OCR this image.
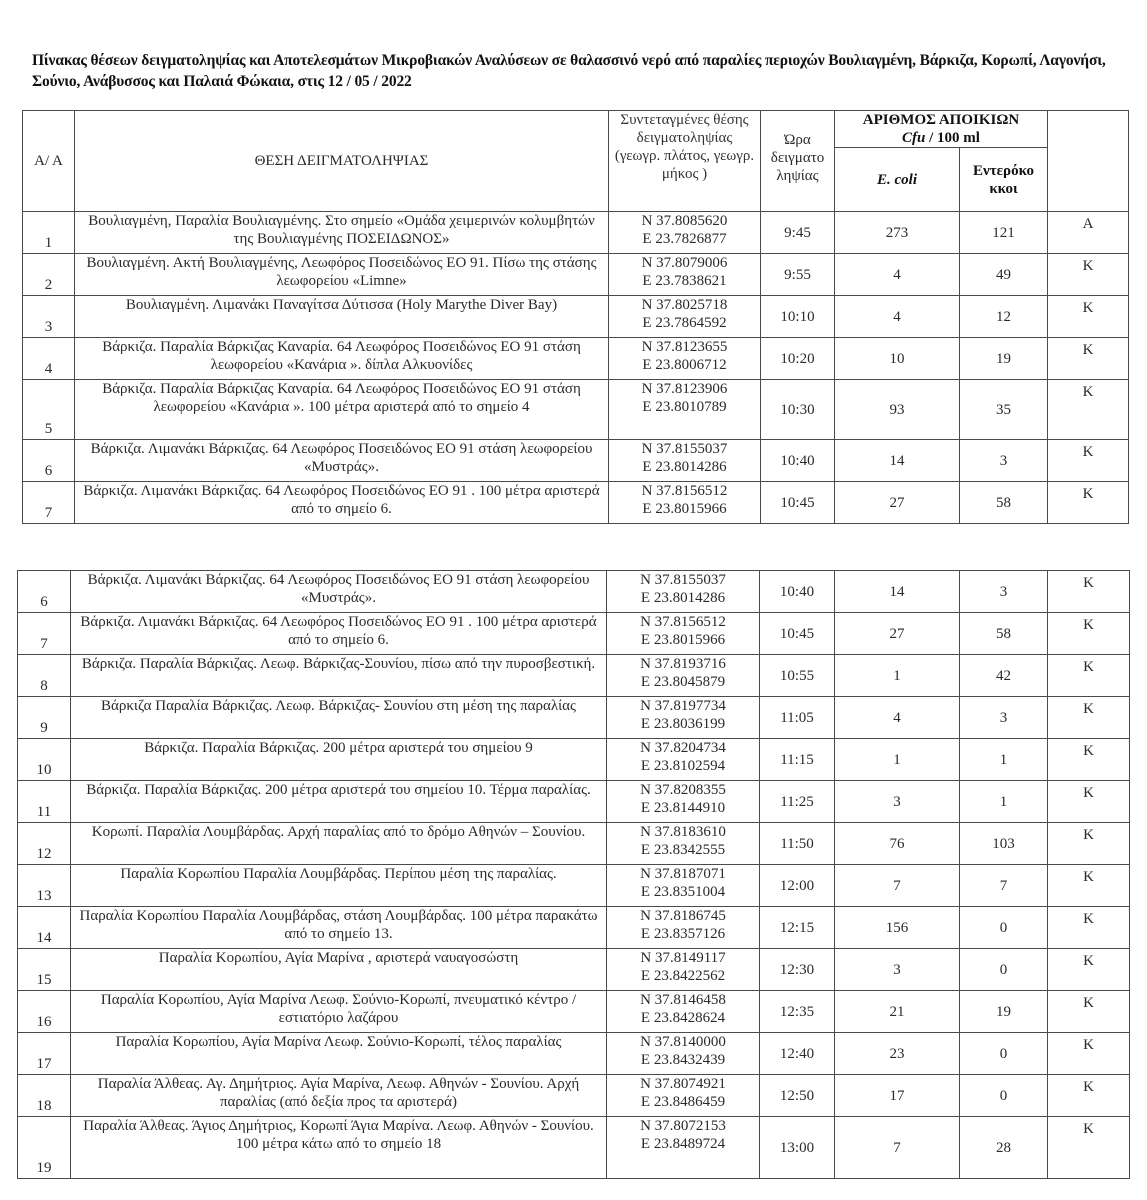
Πίνακας θέσεων δειγματοληψίας και Αποτελεσμάτων Μικροβιακών Αναλύσεων σε θαλασσινό νερό από παραλίες περιοχών Βουλιαγμένη, Βάρκιζα, Κορωπί, Λαγονήσι, Σούνιο, Ανάβυσσος και Παλαιά Φώκαια, στις 12 / 05 / 2022
Α/ Α	ΘΕΣΗ ΔΕΙΓΜΑΤΟΛΗΨΙΑΣ	Συντεταγμένες θέσης δειγματοληψίας (γεωγρ. πλάτος, γεωγρ. μήκος )	Ώρα δειγματο ληψίας	ΑΡΙΘΜΟΣ ΑΠΟΙΚΙΩΝ
Cfu / 100 ml		

				E. coli	Εντερόκο κκοι	
1	Βουλιαγμένη, Παραλία Βουλιαγμένης. Στο σημείο «Ομάδα χειμερινών κολυμβητών της Βουλιαγμένης ΠΟΣΕΙΔΩΝΟΣ»	N 37.8085620
E 23.7826877	9:45	273	121	A
2	Βουλιαγμένη. Ακτή Βουλιαγμένης, Λεωφόρος Ποσειδώνος ΕΟ 91. Πίσω της στάσης λεωφορείου «Limne»	N 37.8079006
E 23.7838621	9:55	4	49	K
3	Βουλιαγμένη. Λιμανάκι Παναγίτσα Δύτισσα (Holy Marythe Diver Bay)	N 37.8025718
E 23.7864592	10:10	4	12	K
4	Βάρκιζα. Παραλία Βάρκιζας Καναρία. 64 Λεωφόρος Ποσειδώνος ΕΟ 91 στάση λεωφορείου «Κανάρια ». δίπλα Αλκυονίδες	N 37.8123655
E 23.8006712	10:20	10	19	K
5	Βάρκιζα. Παραλία Βάρκιζας Καναρία. 64 Λεωφόρος Ποσειδώνος ΕΟ 91 στάση λεωφορείου «Κανάρια ». 100 μέτρα αριστερά από το σημείο 4	N 37.8123906
E 23.8010789	10:30	93	35	K
6	Βάρκιζα. Λιμανάκι Βάρκιζας. 64 Λεωφόρος Ποσειδώνος ΕΟ 91 στάση λεωφορείου «Μυστράς».	N 37.8155037
E 23.8014286	10:40	14	3	K
7	Βάρκιζα. Λιμανάκι Βάρκιζας. 64 Λεωφόρος Ποσειδώνος ΕΟ 91 . 100 μέτρα αριστερά από το σημείο 6.	N 37.8156512
E 23.8015966	10:45	27	58	K
6	Βάρκιζα. Λιμανάκι Βάρκιζας. 64 Λεωφόρος Ποσειδώνος ΕΟ 91 στάση λεωφορείου «Μυστράς».	N 37.8155037
E 23.8014286	10:40	14	3	K
7	Βάρκιζα. Λιμανάκι Βάρκιζας. 64 Λεωφόρος Ποσειδώνος ΕΟ 91 . 100 μέτρα αριστερά από το σημείο 6.	N 37.8156512
E 23.8015966	10:45	27	58	K
8	Βάρκιζα. Παραλία Βάρκιζας. Λεωφ. Βάρκιζας-Σουνίου, πίσω από την πυροσβεστική.	N 37.8193716
E 23.8045879	10:55	1	42	K
9	Βάρκιζα Παραλία Βάρκιζας. Λεωφ. Βάρκιζας- Σουνίου στη μέση της παραλίας	N 37.8197734
E 23.8036199	11:05	4	3	K
10	Βάρκιζα. Παραλία Βάρκιζας. 200 μέτρα αριστερά του σημείου 9	N 37.8204734
E 23.8102594	11:15	1	1	K
11	Βάρκιζα. Παραλία Βάρκιζας. 200 μέτρα αριστερά του σημείου 10. Τέρμα παραλίας.	N 37.8208355
E 23.8144910	11:25	3	1	K
12	Κορωπί. Παραλία Λουμβάρδας. Αρχή παραλίας από το δρόμο Αθηνών – Σουνίου.	N 37.8183610
E 23.8342555	11:50	76	103	K
13	Παραλία Κορωπίου Παραλία Λουμβάρδας. Περίπου μέση της παραλίας.	N 37.8187071
E 23.8351004	12:00	7	7	K
14	Παραλία Κορωπίου Παραλία Λουμβάρδας, στάση Λουμβάρδας. 100 μέτρα παρακάτω από το σημείο 13.	N 37.8186745
E 23.8357126	12:15	156	0	K
15	Παραλία Κορωπίου, Αγία Μαρίνα , αριστερά ναυαγοσώστη	N 37.8149117
E 23.8422562	12:30	3	0	K
16	Παραλία Κορωπίου, Αγία Μαρίνα Λεωφ. Σούνιο-Κορωπί, πνευματικό κέντρο / εστιατόριο λαζάρου	N 37.8146458
E 23.8428624	12:35	21	19	K
17	Παραλία Κορωπίου, Αγία Μαρίνα Λεωφ. Σούνιο-Κορωπί, τέλος παραλίας	N 37.8140000
E 23.8432439	12:40	23	0	K
18	Παραλία Άλθεας. Αγ. Δημήτριος. Αγία Μαρίνα, Λεωφ. Αθηνών - Σουνίου. Αρχή παραλίας (από δεξία προς τα αριστερά)	N 37.8074921
E 23.8486459	12:50	17	0	K
19	Παραλία Άλθεας. Άγιος Δημήτριος, Κορωπί Άγια Μαρίνα. Λεωφ. Αθηνών - Σουνίου. 100 μέτρα κάτω από το σημείο 18	N 37.8072153
E 23.8489724	13:00	7	28	K
